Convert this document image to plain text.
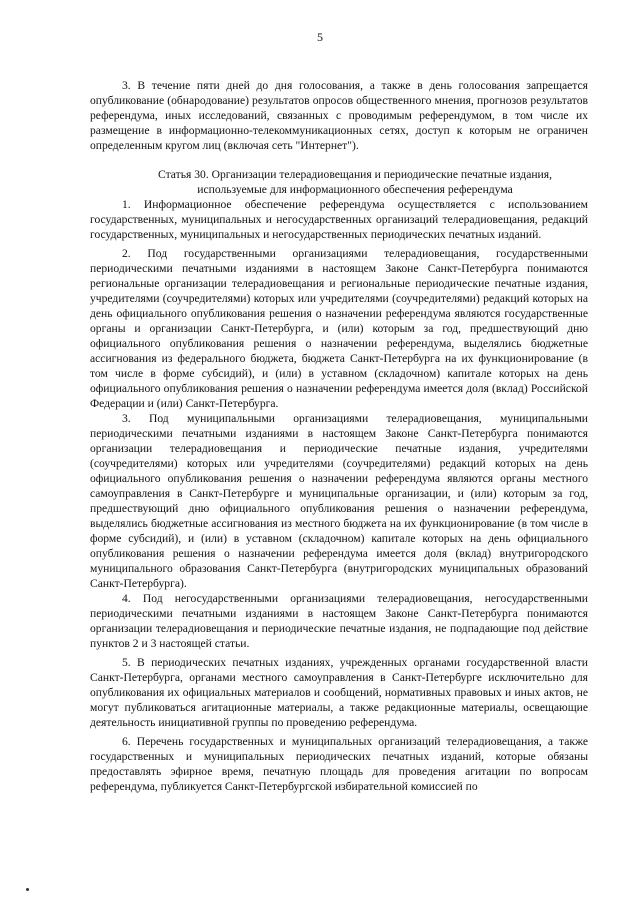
5

3. В течение пяти дней до дня голосования, а также в день голосования запрещается опубликование (обнародование) результатов опросов общественного мнения, прогнозов результатов референдума, иных исследований, связанных с проводимым референдумом, в том числе их размещение в информационно-телекоммуникационных сетях, доступ к которым не ограничен определенным кругом лиц (включая сеть "Интернет").

Статья 30. Организации телерадиовещания и периодические печатные издания,
используемые для информационного обеспечения референдума

1. Информационное обеспечение референдума осуществляется с использованием государственных, муниципальных и негосударственных организаций телерадиовещания, редакций государственных, муниципальных и негосударственных периодических печатных изданий.

2. Под государственными организациями телерадиовещания, государственными периодическими печатными изданиями в настоящем Законе Санкт-Петербурга понимаются региональные организации телерадиовещания и региональные периодические печатные издания, учредителями (соучредителями) которых или учредителями (соучредителями) редакций которых на день официального опубликования решения о назначении референдума являются государственные органы и организации Санкт-Петербурга, и (или) которым за год, предшествующий дню официального опубликования решения о назначении референдума, выделялись бюджетные ассигнования из федерального бюджета, бюджета Санкт-Петербурга на их функционирование (в том числе в форме субсидий), и (или) в уставном (складочном) капитале которых на день официального опубликования решения о назначении референдума имеется доля (вклад) Российской Федерации и (или) Санкт-Петербурга.

3. Под муниципальными организациями телерадиовещания, муниципальными периодическими печатными изданиями в настоящем Законе Санкт-Петербурга понимаются организации телерадиовещания и периодические печатные издания, учредителями (соучредителями) которых или учредителями (соучредителями) редакций которых на день официального опубликования решения о назначении референдума являются органы местного самоуправления в Санкт-Петербурге и муниципальные организации, и (или) которым за год, предшествующий дню официального опубликования решения о назначении референдума, выделялись бюджетные ассигнования из местного бюджета на их функционирование (в том числе в форме субсидий), и (или) в уставном (складочном) капитале которых на день официального опубликования решения о назначении референдума имеется доля (вклад) внутригородского муниципального образования Санкт-Петербурга (внутригородских муниципальных образований Санкт-Петербурга).

4. Под негосударственными организациями телерадиовещания, негосударственными периодическими печатными изданиями в настоящем Законе Санкт-Петербурга понимаются организации телерадиовещания и периодические печатные издания, не подпадающие под действие пунктов 2 и 3 настоящей статьи.

5. В периодических печатных изданиях, учрежденных органами государственной власти Санкт-Петербурга, органами местного самоуправления в Санкт-Петербурге исключительно для опубликования их официальных материалов и сообщений, нормативных правовых и иных актов, не могут публиковаться агитационные материалы, а также редакционные материалы, освещающие деятельность инициативной группы по проведению референдума.

6. Перечень государственных и муниципальных организаций телерадиовещания, а также государственных и муниципальных периодических печатных изданий, которые обязаны предоставлять эфирное время, печатную площадь для проведения агитации по вопросам референдума, публикуется Санкт-Петербургской избирательной комиссией по
